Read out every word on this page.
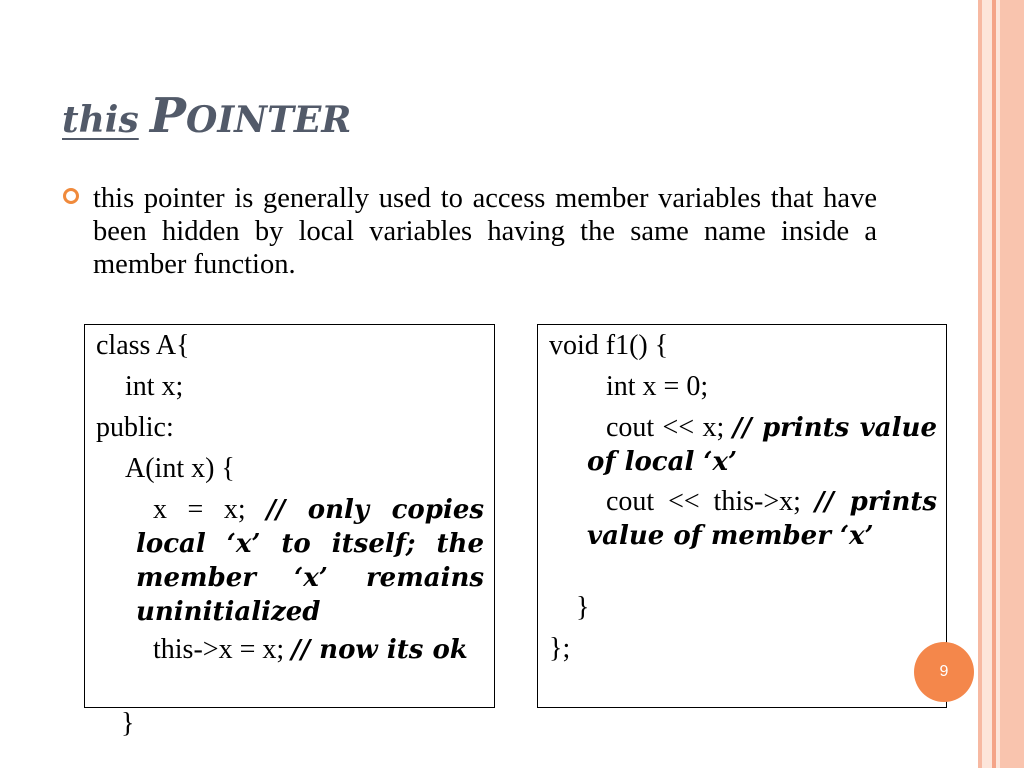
this POINTER

this pointer is generally used to access member variables that have been hidden by local variables having the same name inside a member function.

class A{

int x;

public:

A(int x) {

x = x; // only copies local ‘x’ to itself; the member ‘x’ remains uninitialized

this->x = x; // now its ok

}

void f1() {

int x = 0;

cout << x; // prints value of local ‘x’

cout << this->x; // prints value of member ‘x’

}

};

9
